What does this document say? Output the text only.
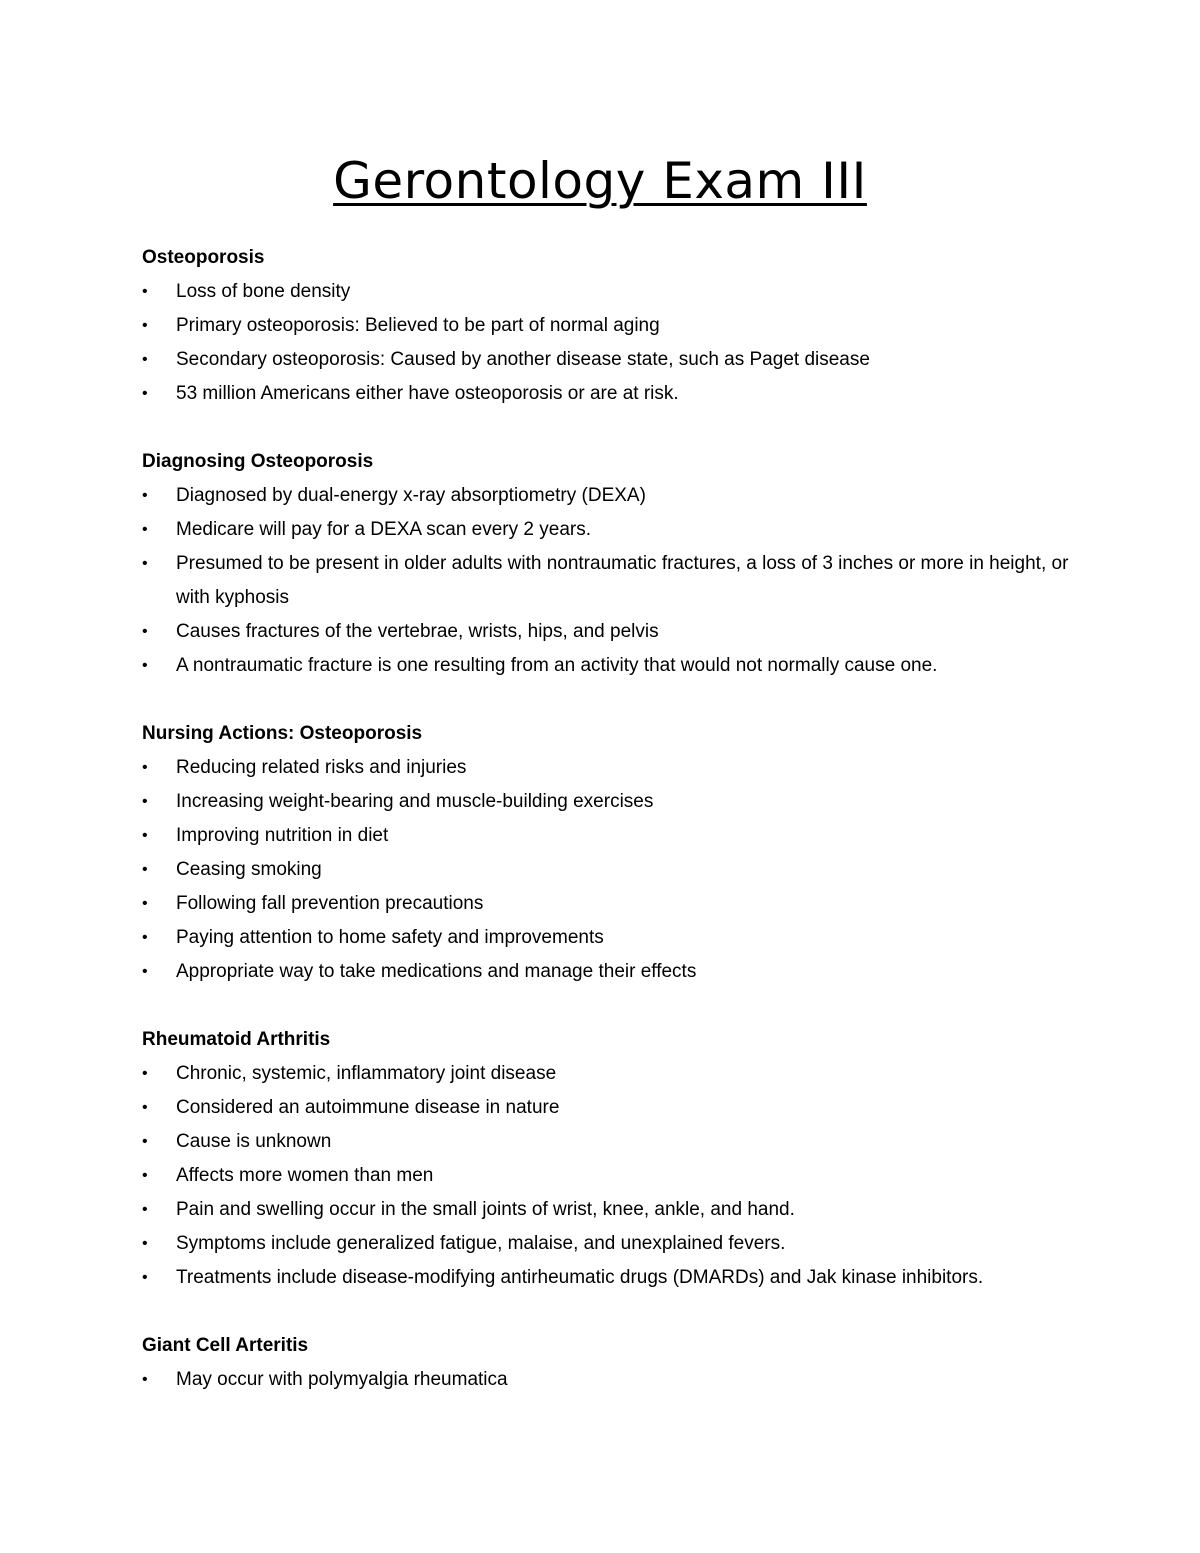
Gerontology Exam III
Osteoporosis
•	Loss of bone density
•	Primary osteoporosis: Believed to be part of normal aging
•	Secondary osteoporosis: Caused by another disease state, such as Paget disease
•	53 million Americans either have osteoporosis or are at risk.
Diagnosing Osteoporosis
•	Diagnosed by dual-energy x-ray absorptiometry (DEXA)
•	Medicare will pay for a DEXA scan every 2 years.
•	Presumed to be present in older adults with nontraumatic fractures, a loss of 3 inches or more in height, or with kyphosis
•	Causes fractures of the vertebrae, wrists, hips, and pelvis
•	A nontraumatic fracture is one resulting from an activity that would not normally cause one.
Nursing Actions: Osteoporosis
•	Reducing related risks and injuries
•	Increasing weight-bearing and muscle-building exercises
•	Improving nutrition in diet
•	Ceasing smoking
•	Following fall prevention precautions
•	Paying attention to home safety and improvements
•	Appropriate way to take medications and manage their effects
Rheumatoid Arthritis
•	Chronic, systemic, inflammatory joint disease
•	Considered an autoimmune disease in nature
•	Cause is unknown
•	Affects more women than men
•	Pain and swelling occur in the small joints of wrist, knee, ankle, and hand.
•	Symptoms include generalized fatigue, malaise, and unexplained fevers.
•	Treatments include disease-modifying antirheumatic drugs (DMARDs) and Jak kinase inhibitors.
Giant Cell Arteritis
•	May occur with polymyalgia rheumatica
